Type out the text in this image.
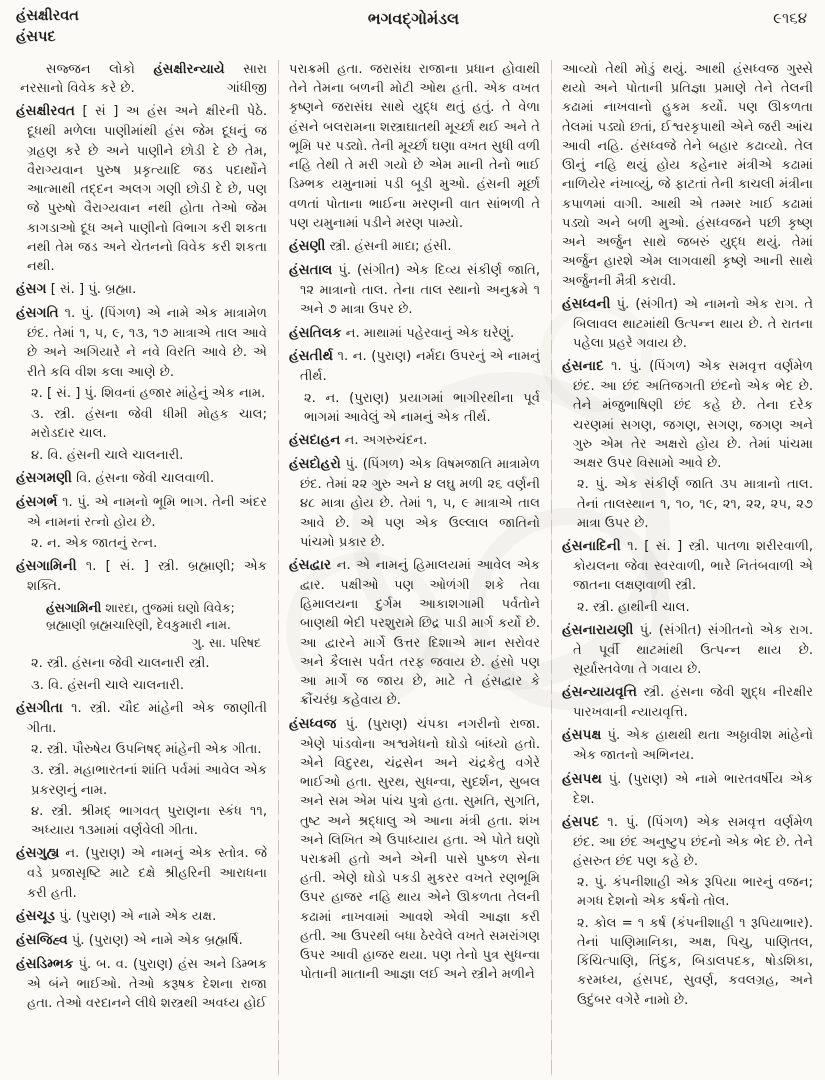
હંસક્ષીરવત
હંસપદ
ભગવદ્ગોમંડલ	૯૧૬૪
સજ્જન લોકો હંસક્ષીરન્યાયે સારા નરસાનો વિવેક કરે છે.	ગાંધીજી

હંસક્ષીરવત [ સં ] અ હંસ અને ક્ષીરની પેઠે. દૂધથી મળેલા પાણીમાંથી હંસ જેમ દૂધનું જ ગ્રહણ કરે છે અને પાણીને છોડી દે છે તેમ, વૈરાગ્યવાન પુરુષ પ્રકૃત્યાદિ જડ પદાર્થોને આત્માથી તદ્દન અલગ ગણી છોડી દે છે, પણ જે પુરુષો વૈરાગ્યવાન નથી હોતા તેઓ જેમ કાગડાઓ દૂધ અને પાણીનો વિભાગ કરી શકતા નથી તેમ જડ અને ચેતનનો વિવેક કરી શકતા નથી.

હંસગ [ સં. ] પું. બ્રહ્મા.

હંસગતિ ૧. પું. (પિંગળ) એ નામે એક માત્રામેળ છંદ. તેમાં ૧, ૫, ૯, ૧૩, ૧૭ માત્રાએ તાલ આવે છે અને અગિયારે ને નવે વિરતિ આવે છે. એ રીતે કવિ વીશ કલા આણે છે.

૨. [ સં. ] પું. શિવનાં હજાર માંહેનું એક નામ.

૩. સ્ત્રી. હંસના જેવી ધીમી મોહક ચાલ; મરોડદાર ચાલ.

૪. વિ. હંસની ચાલે ચાલનારી.

હંસગમણી વિ. હંસના જેવી ચાલવાળી.

હંસગર્ભ ૧. પું. એ નામનો ભૂમિ ભાગ. તેની અંદર એ નામનાં રત્નો હોય છે.

૨. ન. એક જાતનું રત્ન.

હંસગામિની ૧. [ સં. ] સ્ત્રી. બ્રહ્માણી; એક શક્તિ.

હંસગામિની શારદા, તુજમાં ઘણો વિવેક;
બ્રહ્માણી બ્રહ્મચારિણી, દેવકુમારી નામ.
ગુ. સા. પરિષદ

૨. સ્ત્રી. હંસના જેવી ચાલનારી સ્ત્રી.

૩. વિ. હંસની ચાલે ચાલનારી.

હંસગીતા ૧. સ્ત્રી. ચૌદ માંહેની એક જાણીતી ગીતા.

૨. સ્ત્રી. પૌરુષેય ઉપનિષદ્ માંહેની એક ગીતા.

૩. સ્ત્રી. મહાભારતનાં શાંતિ પર્વમાં આવેલ એક પ્રકરણનું નામ.

૪. સ્ત્રી. શ્રીમદ્ ભાગવત્ પુરાણના સ્કંધ ૧૧, અધ્યાય ૧૩મામાં વર્ણવેલી ગીતા.

હંસગુહ્ય ન. (પુરાણ) એ નામનું એક સ્તોત્ર. જે વડે પ્રજાસૃષ્ટિ માટે દક્ષે શ્રીહરિની આરાધના કરી હતી.

હંસચૂડ પું. (પુરાણ) એ નામે એક યક્ષ.

હંસજિહ્વ પું. (પુરાણ) એ નામે એક બ્રહ્મર્ષિ.

હંસડિમ્ભક પું. બ. વ. (પુરાણ) હંસ અને ડિમ્ભક એ બંને ભાઈઓ. તેઓ કરૂષક દેશના રાજા હતા. તેઓ વરદાનને લીધે શસ્ત્રથી અવધ્ય હોઈ

પરાક્રમી હતા. જરાસંઘ રાજાના પ્રધાન હોવાથી તેને તેમના બળની મોટી ઓથ હતી. એક વખત કૃષ્ણને જરાસંઘ સાથે યુદ્ધ થતું હતું. તે વેળા હંસને બલરામના શસ્ત્રાઘાતથી મૂર્ચ્છા થઈ અને તે ભૂમિ પર પડ્યો. તેની મૂર્ચ્છા ઘણા વખત સુધી વળી નહિ તેથી તે મરી ગયો છે એમ માની તેનો ભાઈ ડિમ્ભક યમુનામાં પડી બૂડી મુઓ. હંસની મૂર્છા વળતાં પોતાના ભાઈના મરણની વાત સાંભળી તે પણ યમુનામાં પડીને મરણ પામ્યો.

હંસણી સ્ત્રી. હંસની માદા; હંસી.

હંસતાલ પું. (સંગીત) એક દિવ્ય સંકીર્ણ જાતિ, ૧૨ માત્રાનો તાલ. તેના તાલ સ્થાનો અનુક્રમે ૧ અને ૭ માત્રા ઉપર છે.

હંસતિલક ન. માથામાં પહેરવાનું એક ઘરેણું.

હંસતીર્થ ૧. ન. (પુરાણ) નર્મદા ઉપરનું એ નામનું તીર્થ.

૨. ન. (પુરાણ) પ્રયાગમાં ભાગીરથીના પૂર્વ ભાગમાં આવેલું એ નામનું એક તીર્થ.

હંસદાહન ન. અગરુચંદન.

હંસદોહરો પું. (પિંગળ) એક વિષમજાતિ માત્રામેળ છંદ. તેમાં ૨૨ ગુરુ અને ૪ લઘુ મળી ૨૬ વર્ણની ૪૮ માત્રા હોય છે. તેમાં ૧, ૫, ૯ માત્રાએ તાલ આવે છે. એ પણ એક ઉલ્લાલ જાતિનો પાંચમો પ્રકાર છે.

હંસદ્વાર ન. એ નામનું હિમાલયમાં આવેલ એક દ્વાર. પક્ષીઓ પણ ઓળંગી શકે તેવા હિમાલયના દુર્ગમ આકાશગામી પર્વતોને બાણથી ભેદી પરશુરામે છિદ્ર પાડી માર્ગ કર્યો છે. આ દ્વારને માર્ગે ઉત્તર દિશાએ માન સરોવર અને કૈલાસ પર્વત તરફ જવાય છે. હંસો પણ આ માર્ગે જ જાય છે, માટે તે હંસદ્વાર કે ક્રૌંચરંધ્ર કહેવાય છે.

હંસધ્વજ પું. (પુરાણ) ચંપકા નગરીનો રાજા. એણે પાંડવોના અશ્વમેધનો ઘોડો બાંધ્યો હતો. એને વિદુરથ, ચંદ્રસેન અને ચંદ્રકેતુ વગેરે ભાઈઓ હતા. સુરથ, સુધન્વા, સુદર્શન, સુબલ અને સમ એમ પાંચ પુત્રો હતા. સુમતિ, સુગતિ, તુષ્ટ અને શ્રદ્ધાલુ એ આના મંત્રી હતા. શંખ અને લિખિત એ ઉપાધ્યાય હતા. એ પોતે ઘણો પરાક્રમી હતો અને એની પાસે પુષ્કળ સેના હતી. એણે ઘોડો પકડી મુકરર વખતે રણભૂમિ ઉપર હાજર નહિ થાય એને ઊકળતા તેલની કઢામાં નાખવામાં આવશે એવી આજ્ઞા કરી હતી. આ ઉપરથી બધા ઠેરવેલે વખતે સમરાંગણ ઉપર આવી હાજર થયા. પણ તેનો પુત્ર સુધન્વા પોતાની માતાની આજ્ઞા લઈ અને સ્ત્રીને મળીને

આવ્યો તેથી મોડું થયું. આથી હંસધ્વજ ગુસ્સે થયો અને પોતાની પ્રતિજ્ઞા પ્રમાણે તેને તેલની કઢામાં નાખવાનો હુકમ કર્યો. પણ ઊકળતા તેલમાં પડ્યો છતાં, ઈશ્વરકૃપાથી એને જરી આંચ આવી નહિ. હંસધ્વજે તેને બહાર કઢાવ્યો. તેલ ઊનું નહિ થયું હોય કહેનાર મંત્રીએ કઢામાં નાળિયેર નંખાવ્યું, જે ફાટતાં તેની કાચલી મંત્રીના કપાળમાં વાગી. આથી એ તમ્મર ખાઈ કઢામાં પડ્યો અને બળી મુઓ. હંસધ્વજને પછી કૃષ્ણ અને અર્જુન સાથે જબરું યુદ્ધ થયું. તેમાં અર્જુન હારશે એમ લાગવાથી કૃષ્ણે આની સાથે અર્જુનની મૈત્રી કરાવી.

હંસધ્વની પું. (સંગીત) એ નામનો એક રાગ. તે બિલાવલ થાટમાંથી ઉત્પન્ન થાય છે. તે રાતના પહેલા પ્રહરે ગવાય છે.

હંસનાદ ૧. પું. (પિંગળ) એક સમવૃત્ત વર્ણમેળ છંદ. આ છંદ અતિજગતી છંદનો એક ભેદ છે. તેને મંજુભાષિણી છંદ કહે છે. તેના દરેક ચરણમાં સગણ, જગણ, સગણ, જગણ અને ગુરુ એમ તેર અક્ષરો હોય છે. તેમાં પાંચમા અક્ષર ઉપર વિસામો આવે છે.

૨. પું. એક સંકીર્ણ જાતિ ૩૫ માત્રાનો તાલ. તેનાં તાલસ્થાન ૧, ૧૦, ૧૯, ૨૧, ૨૨, ૨૫, ૨૭ માત્રા ઉપર છે.

હંસનાદિની ૧. [ સં. ] સ્ત્રી. પાતળા શરીરવાળી, કોયલના જેવા સ્વરવાળી, ભારે નિતંબવાળી એ જાતના લક્ષણવાળી સ્ત્રી.

૨. સ્ત્રી. હાથીની ચાલ.

હંસનારાયણી પું. (સંગીત) સંગીતનો એક રાગ. તે પૂર્વી થાટમાંથી ઉત્પન્ન થાય છે. સૂર્યાસ્તવેળા તે ગવાય છે.

હંસન્યાયવૃત્તિ સ્ત્રી. હંસના જેવી શુદ્ધ નીરક્ષીર પારખવાની ન્યાયવૃત્તિ.

હંસપક્ષ પું. એક હાથથી થતા અઠ્ઠાવીશ માંહેનો એક જાતનો અભિનય.

હંસપથ પું. (પુરાણ) એ નામે ભારતવર્ષીય એક દેશ.

હંસપદ ૧. પું. (પિંગળ) એક સમવૃત્ત વર્ણમેળ છંદ. આ છંદ અનુષ્ટુપ છંદનો એક ભેદ છે. તેને હંસરુત છંદ પણ કહે છે.

૨. પું. કંપનીશાહી એક રૂપિયા ભારનું વજન; મગધ દેશનો એક કર્ષનો તોલ.

૨. કોલ = ૧ કર્ષ (કંપનીશાહી ૧ રૂપિયાભાર). તેનાં પાણિમાનિકા, અક્ષ, પિચુ, પાણિતલ, કિંચિત્પાણિ, તિંદુક, બિડાલપદક, ષોડશિકા, કરમધ્ય, હંસપદ, સુવર્ણ, કવલગ્રહ, અને ઉદુંબર વગેરે નામો છે.
